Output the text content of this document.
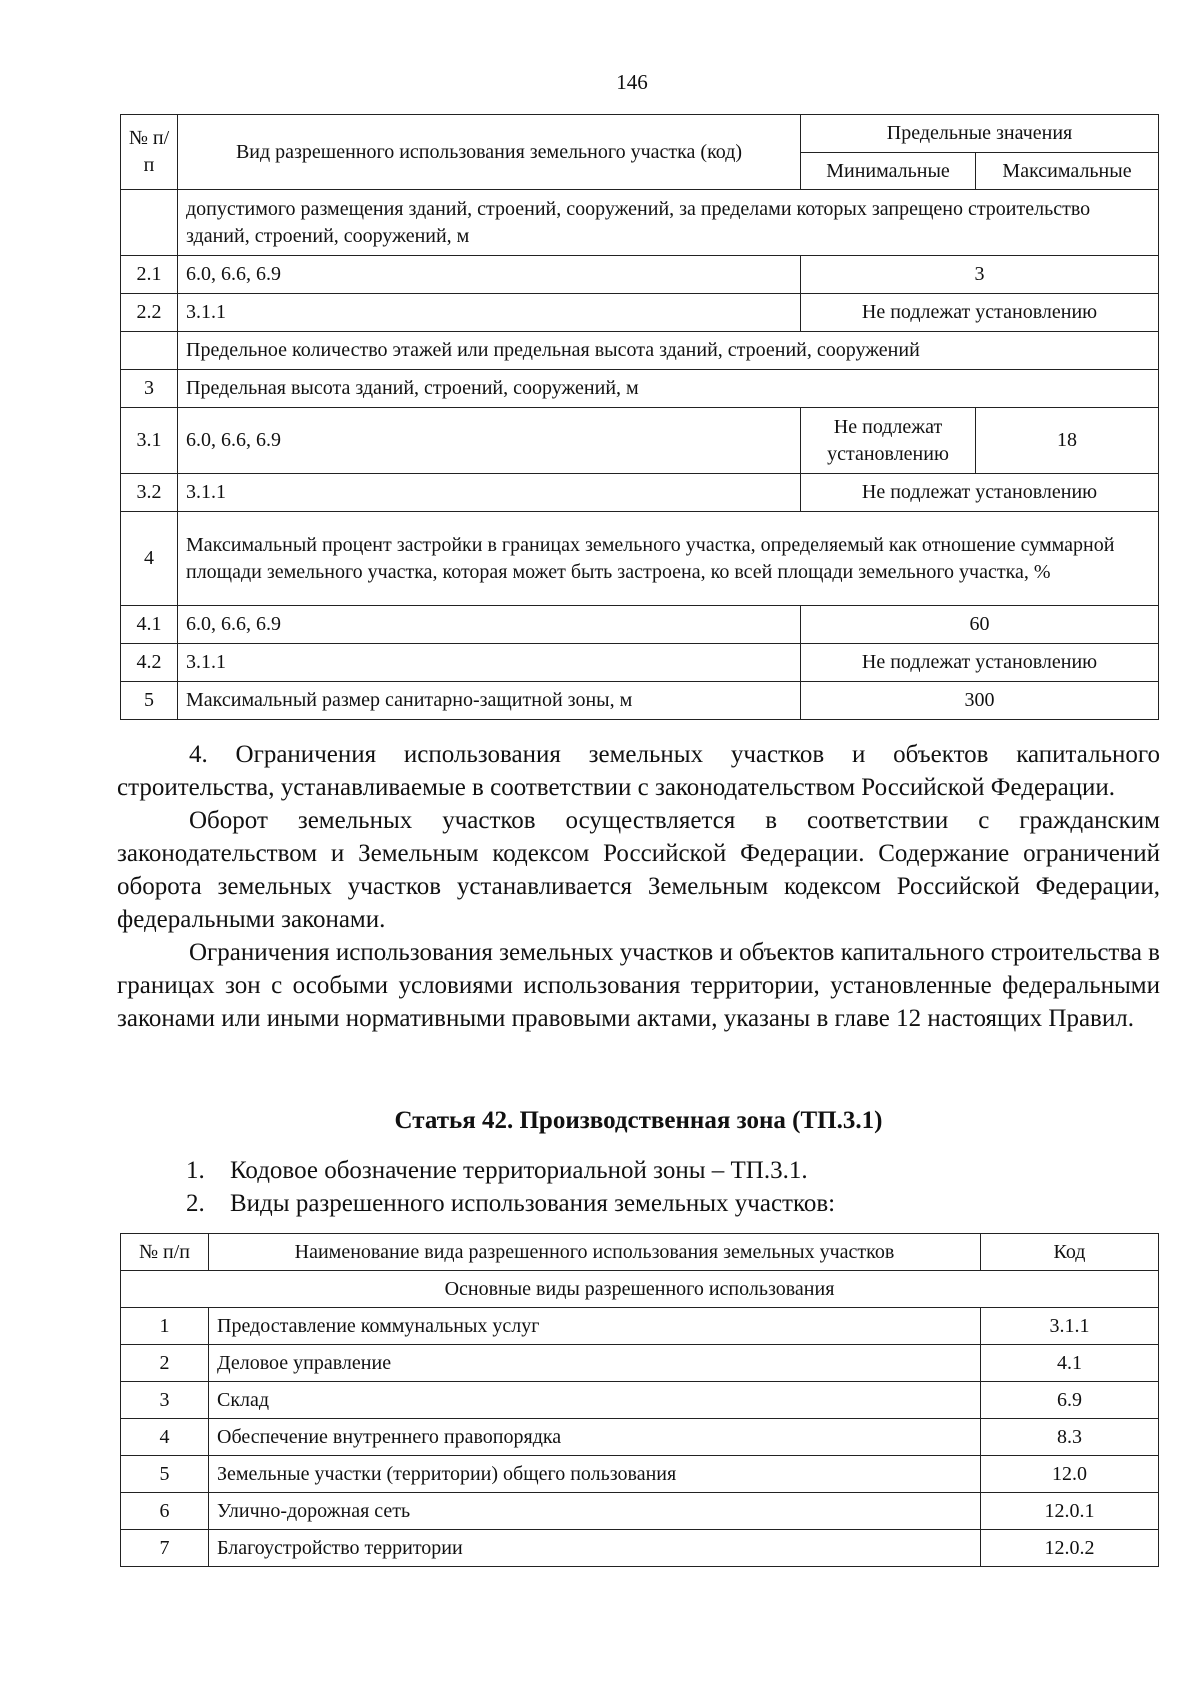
146
№ п/п	Вид разрешенного использования земельного участка (код)	Предельные значения	
		Минимальные	Максимальные
	допустимого размещения зданий, строений, сооружений, за пределами которых запрещено строительство зданий, строений, сооружений, м		
2.1	6.0, 6.6, 6.9	3	
2.2	3.1.1	Не подлежат установлению	
	Предельное количество этажей или предельная высота зданий, строений, сооружений		
3	Предельная высота зданий, строений, сооружений, м		
3.1	6.0, 6.6, 6.9	Не подлежат установлению	18
3.2	3.1.1	Не подлежат установлению	
4	Максимальный процент застройки в границах земельного участка, определяемый как отношение суммарной площади земельного участка, которая может быть застроена, ко всей площади земельного участка, %		
4.1	6.0, 6.6, 6.9	60	
4.2	3.1.1	Не подлежат установлению	
5	Максимальный размер санитарно-защитной зоны, м	300	

4. Ограничения использования земельных участков и объектов капитального строительства, устанавливаемые в соответствии с законодательством Российской Федерации.

Оборот земельных участков осуществляется в соответствии с гражданским законодательством и Земельным кодексом Российской Федерации. Содержание ограничений оборота земельных участков устанавливается Земельным кодексом Российской Федерации, федеральными законами.

Ограничения использования земельных участков и объектов капитального строительства в границах зон с особыми условиями использования территории, установленные федеральными законами или иными нормативными правовыми актами, указаны в главе 12 настоящих Правил.

Статья 42. Производственная зона (ТП.3.1)
1. Кодовое обозначение территориальной зоны – ТП.3.1.
2. Виды разрешенного использования земельных участков:
№ п/п	Наименование вида разрешенного использования земельных участков	Код
Основные виды разрешенного использования		
1	Предоставление коммунальных услуг	3.1.1
2	Деловое управление	4.1
3	Склад	6.9
4	Обеспечение внутреннего правопорядка	8.3
5	Земельные участки (территории) общего пользования	12.0
6	Улично-дорожная сеть	12.0.1
7	Благоустройство территории	12.0.2
